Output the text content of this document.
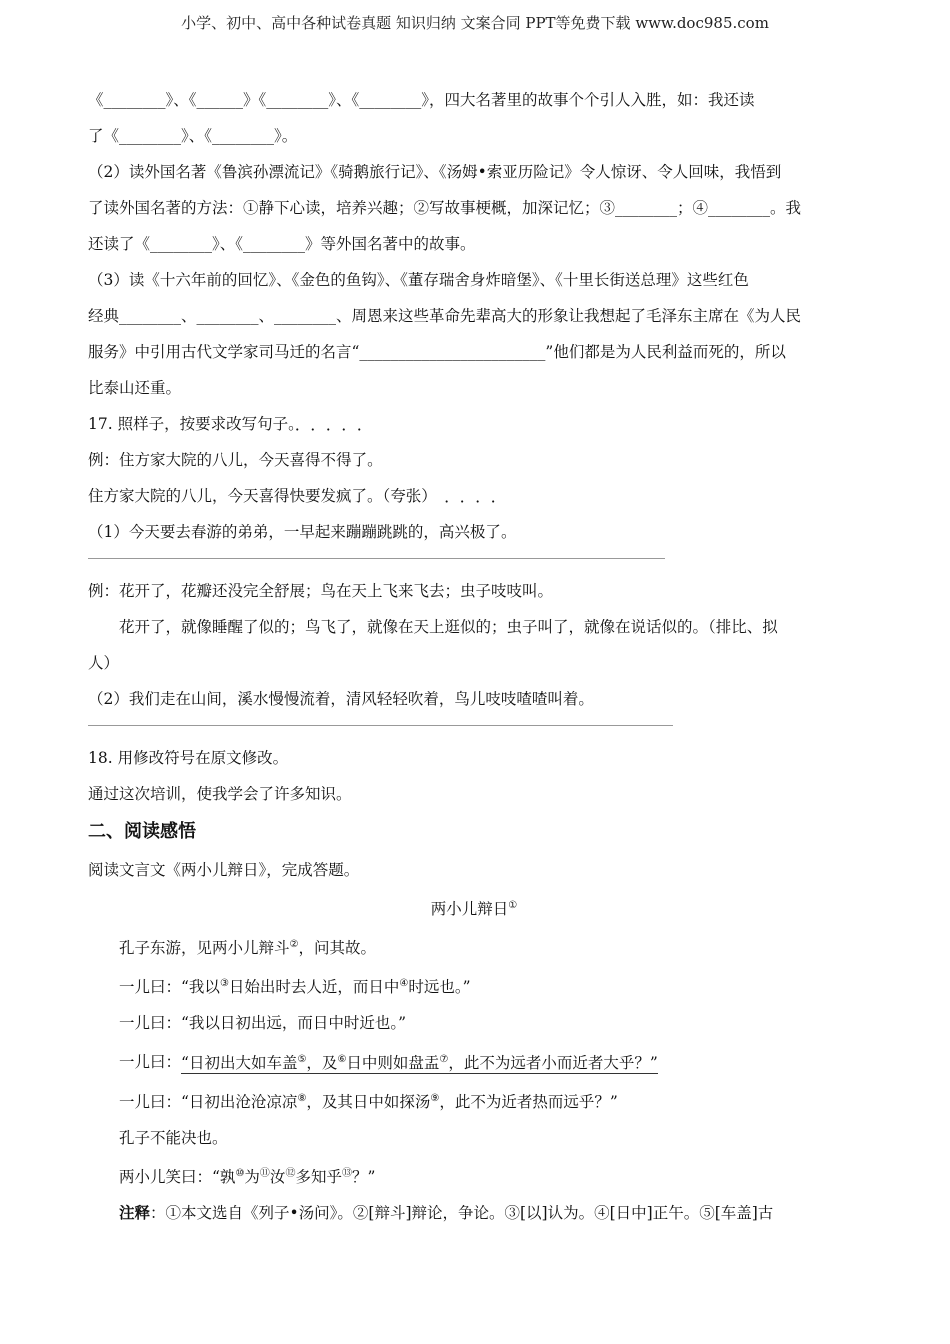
小学、初中、高中各种试卷真题 知识归纳 文案合同 PPT等免费下载 www.doc985.com
《________》、《______》《________》、《________》，四大名著里的故事个个引人入胜，如：我还读
了《________》、《________》。
（2）读外国名著《鲁滨孙漂流记》《骑鹅旅行记》、《汤姆•索亚历险记》令人惊讶、令人回味，我悟到
了读外国名著的方法：①静下心读，培养兴趣；②写故事梗概，加深记忆；③________；④________。我
还读了《________》、《________》等外国名著中的故事。
（3）读《十六年前的回忆》、《金色的鱼钩》、《董存瑞舍身炸暗堡》、《十里长街送总理》这些红色
经典________、________、________、周恩来这些革命先辈高大的形象让我想起了毛泽东主席在《为人民
服务》中引用古代文学家司马迁的名言“________________________”他们都是为人民利益而死的，所以
比泰山还重。
17. 照样子，按要求改写句子。
例：住方家大院的八儿，今天喜得不得了。
住方家大院的八儿，今天喜得快要发疯了。（夸张）
（1）今天要去春游的弟弟，一早起来蹦蹦跳跳的，高兴极了。
例：花开了，花瓣还没完全舒展；鸟在天上飞来飞去；虫子吱吱叫。
花开了，就像睡醒了似的；鸟飞了，就像在天上逛似的；虫子叫了，就像在说话似的。（排比、拟
人）
（2）我们走在山间，溪水慢慢流着，清风轻轻吹着，鸟儿吱吱喳喳叫着。
18. 用修改符号在原文修改。
通过这次培训，使我学会了许多知识。
二、阅读感悟
阅读文言文《两小儿辩日》，完成答题。
两小儿辩日①
孔子东游，见两小儿辩斗②，问其故。
一儿曰：“我以③日始出时去人近，而日中④时远也。”
一儿曰：“我以日初出远，而日中时近也。”
一儿曰：“日初出大如车盖⑤，及⑥日中则如盘盂⑦，此不为远者小而近者大乎？”
一儿曰：“日初出沧沧凉凉⑧，及其日中如探汤⑨，此不为近者热而远乎？”
孔子不能决也。
两小儿笑曰：“孰⑩为⑪汝⑫多知乎⑬？”
注释：①本文选自《列子•汤问》。②[辩斗]辩论，争论。③[以]认为。④[日中]正午。⑤[车盖]古
